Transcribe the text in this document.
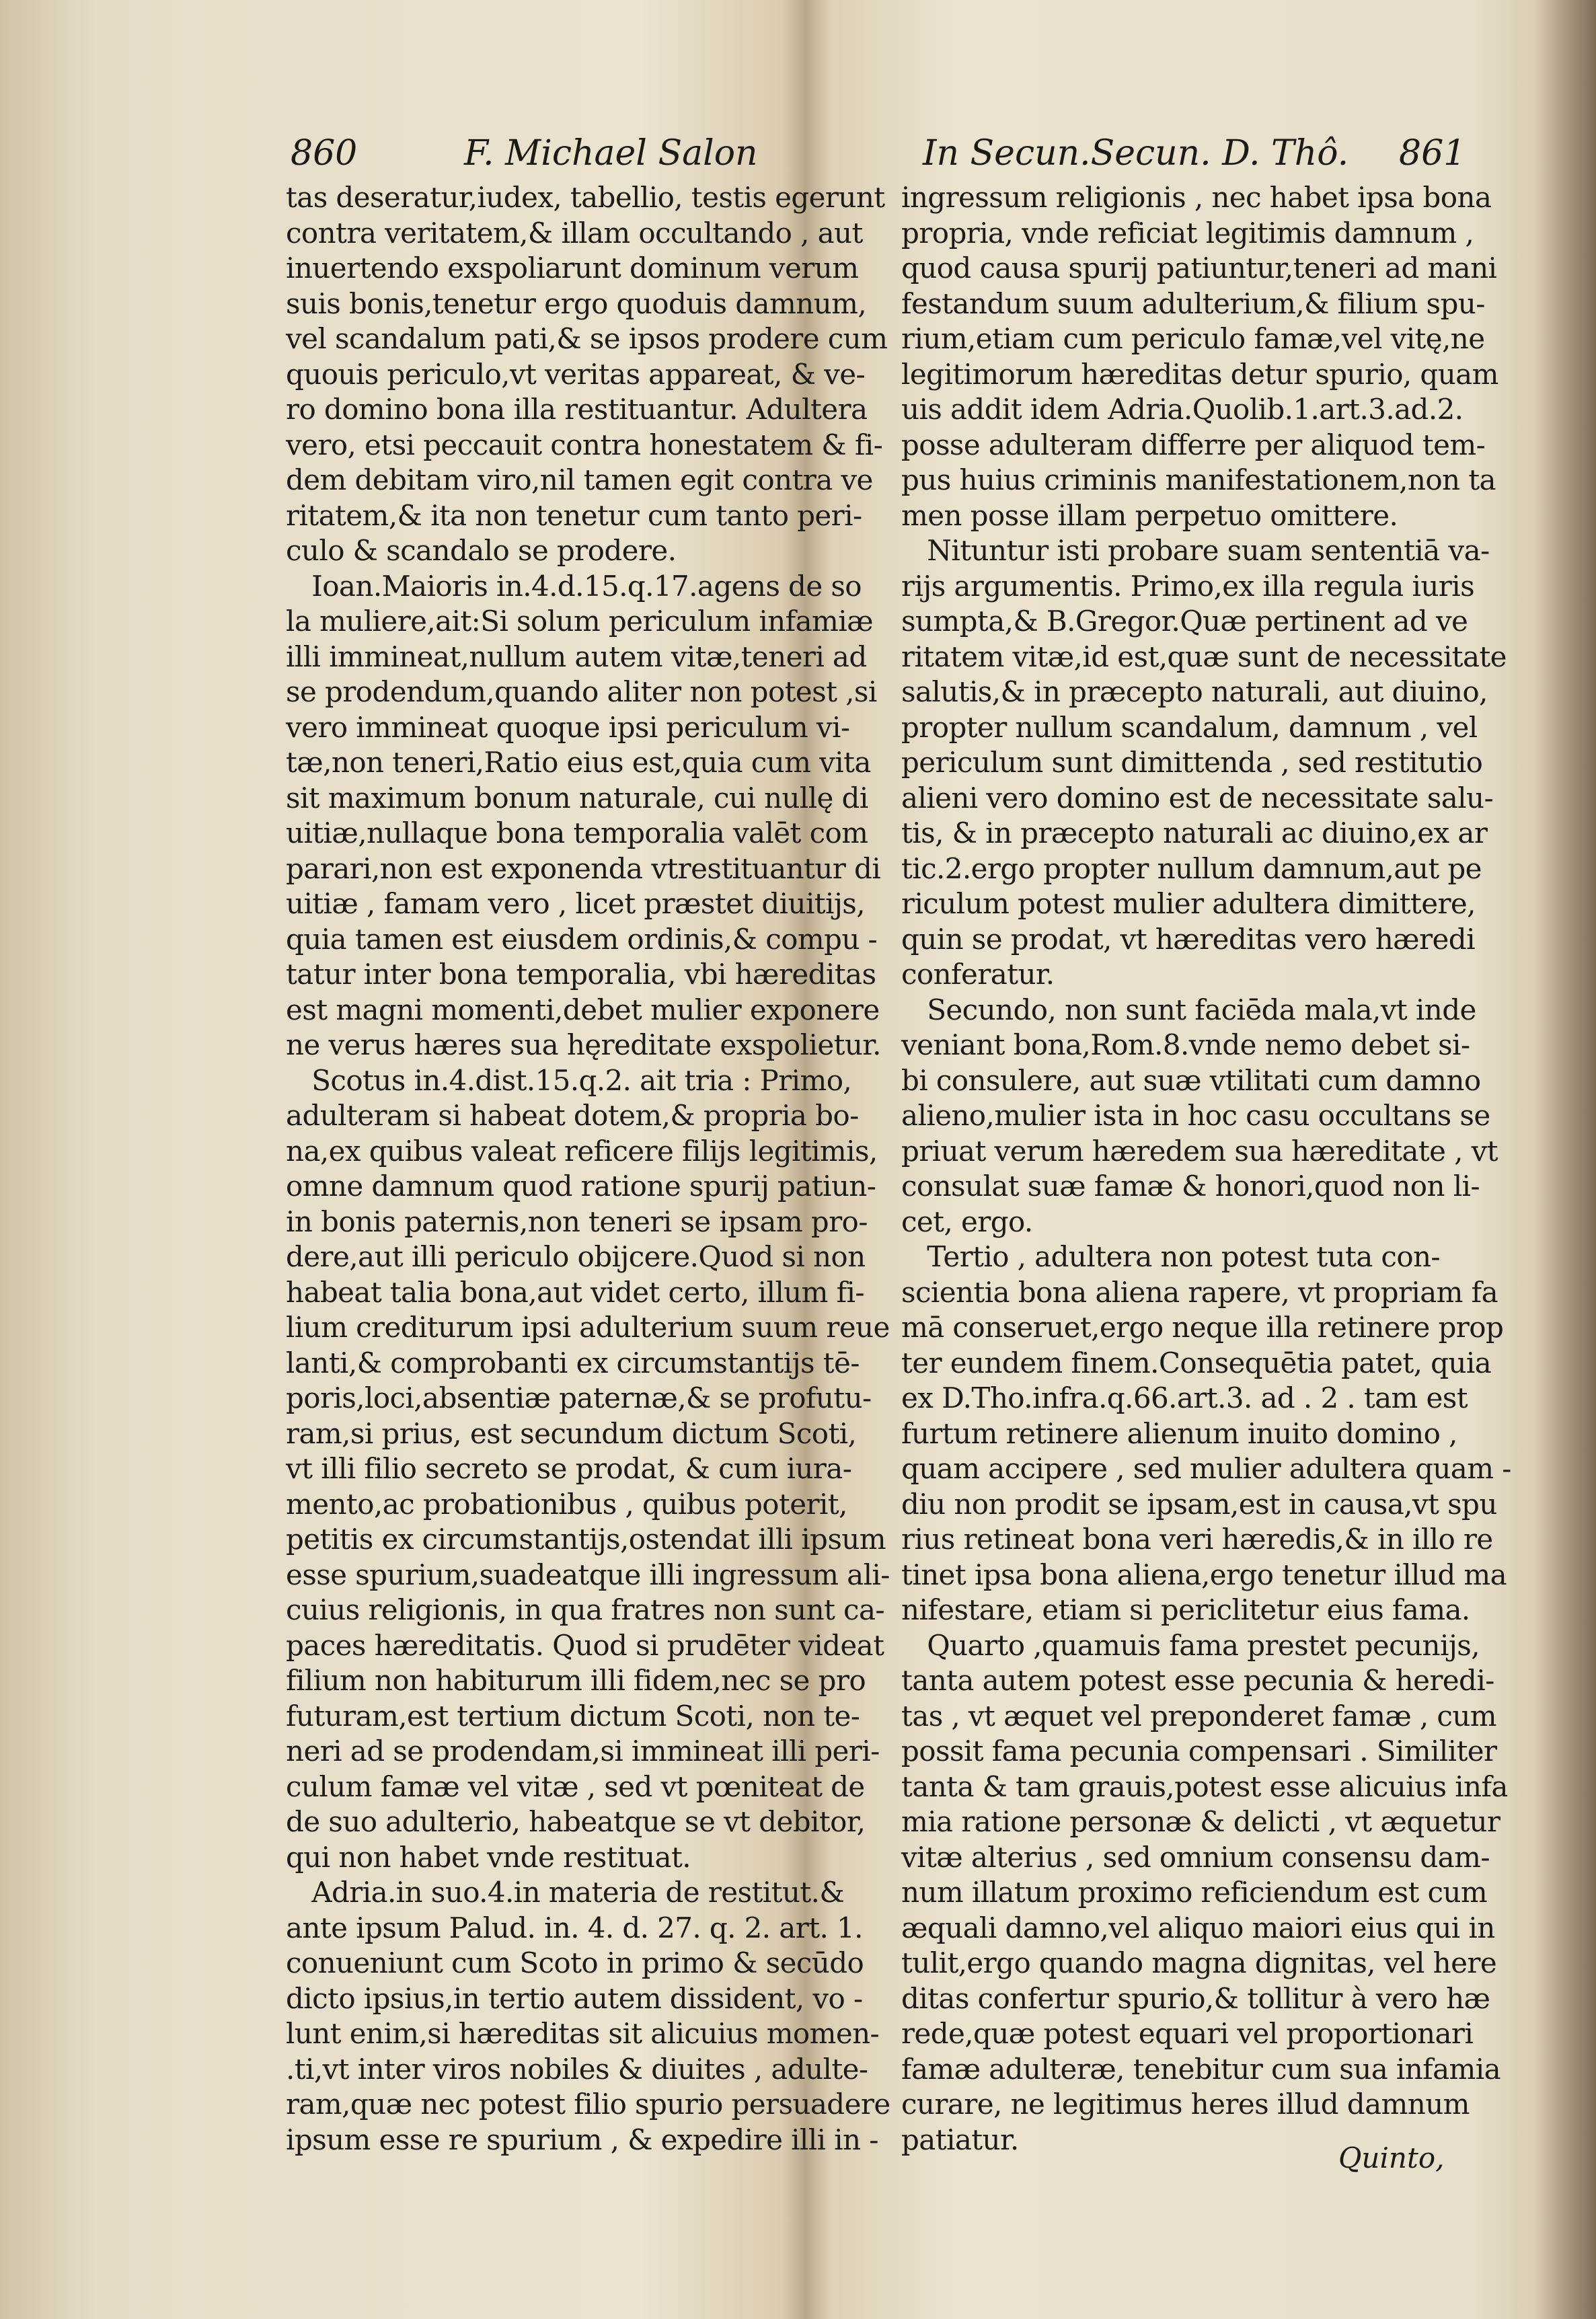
860	F. Michael Salon
tas deseratur,iudex, tabellio, testis egerunt
contra veritatem,& illam occultando , aut
inuertendo exspoliarunt dominum verum
suis bonis,tenetur ergo quoduis damnum,
vel scandalum pati,& se ipsos prodere cum
quouis periculo,vt veritas appareat, & ve-
ro domino bona illa restituantur. Adultera
vero, etsi peccauit contra honestatem & fi-
dem debitam viro,nil tamen egit contra ve
ritatem,& ita non tenetur cum tanto peri-
culo & scandalo se prodere.
Ioan.Maioris in.4.d.15.q.17.agens de so
la muliere,ait:Si solum periculum infamiæ
illi immineat,nullum autem vitæ,teneri ad
se prodendum,quando aliter non potest ,si
vero immineat quoque ipsi periculum vi-
tæ,non teneri,Ratio eius est,quia cum vita
sit maximum bonum naturale, cui nullę di
uitiæ,nullaque bona temporalia valēt com
parari,non est exponenda vtrestituantur di
uitiæ , famam vero , licet præstet diuitijs,
quia tamen est eiusdem ordinis,& compu -
tatur inter bona temporalia, vbi hæreditas
est magni momenti,debet mulier exponere
ne verus hæres sua hęreditate exspolietur.
Scotus in.4.dist.15.q.2. ait tria : Primo,
adulteram si habeat dotem,& propria bo-
na,ex quibus valeat reficere filijs legitimis,
omne damnum quod ratione spurij patiun-
in bonis paternis,non teneri se ipsam pro-
dere,aut illi periculo obijcere.Quod si non
habeat talia bona,aut videt certo, illum fi-
lium crediturum ipsi adulterium suum reue
lanti,& comprobanti ex circumstantijs tē-
poris,loci,absentiæ paternæ,& se profutu-
ram,si prius, est secundum dictum Scoti,
vt illi filio secreto se prodat, & cum iura-
mento,ac probationibus , quibus poterit,
petitis ex circumstantijs,ostendat illi ipsum
esse spurium,suadeatque illi ingressum ali-
cuius religionis, in qua fratres non sunt ca-
paces hæreditatis. Quod si prudēter videat
filium non habiturum illi fidem,nec se pro
futuram,est tertium dictum Scoti, non te-
neri ad se prodendam,si immineat illi peri-
culum famæ vel vitæ , sed vt pœniteat de
de suo adulterio, habeatque se vt debitor,
qui non habet vnde restituat.
Adria.in suo.4.in materia de restitut.&
ante ipsum Palud. in. 4. d. 27. q. 2. art. 1.
conueniunt cum Scoto in primo & secūdo
dicto ipsius,in tertio autem dissident, vo -
lunt enim,si hæreditas sit alicuius momen-
.ti,vt inter viros nobiles & diuites , adulte-
ram,quæ nec potest filio spurio persuadere
ipsum esse re spurium , & expedire illi in -
In Secun.Secun. D. Thô. 861
ingressum religionis , nec habet ipsa bona
propria, vnde reficiat legitimis damnum ,
quod causa spurij patiuntur,teneri ad mani
festandum suum adulterium,& filium spu-
rium,etiam cum periculo famæ,vel vitę,ne
legitimorum hæreditas detur spurio, quam
uis addit idem Adria.Quolib.1.art.3.ad.2.
posse adulteram differre per aliquod tem-
pus huius criminis manifestationem,non ta
men posse illam perpetuo omittere.
Nituntur isti probare suam sententiā va-
rijs argumentis. Primo,ex illa regula iuris
sumpta,& B.Gregor.Quæ pertinent ad ve
ritatem vitæ,id est,quæ sunt de necessitate
salutis,& in præcepto naturali, aut diuino,
propter nullum scandalum, damnum , vel
periculum sunt dimittenda , sed restitutio
alieni vero domino est de necessitate salu-
tis, & in præcepto naturali ac diuino,ex ar
tic.2.ergo propter nullum damnum,aut pe
riculum potest mulier adultera dimittere,
quin se prodat, vt hæreditas vero hæredi
conferatur.
Secundo, non sunt faciēda mala,vt inde
veniant bona,Rom.8.vnde nemo debet si-
bi consulere, aut suæ vtilitati cum damno
alieno,mulier ista in hoc casu occultans se
priuat verum hæredem sua hæreditate , vt
consulat suæ famæ & honori,quod non li-
cet, ergo.
Tertio , adultera non potest tuta con-
scientia bona aliena rapere, vt propriam fa
mā conseruet,ergo neque illa retinere prop
ter eundem finem.Consequētia patet, quia
ex D.Tho.infra.q.66.art.3. ad . 2 . tam est
furtum retinere alienum inuito domino ,
quam accipere , sed mulier adultera quam -
diu non prodit se ipsam,est in causa,vt spu
rius retineat bona veri hæredis,& in illo re
tinet ipsa bona aliena,ergo tenetur illud ma
nifestare, etiam si periclitetur eius fama.
Quarto ,quamuis fama prestet pecunijs,
tanta autem potest esse pecunia & heredi-
tas , vt æquet vel preponderet famæ , cum
possit fama pecunia compensari . Similiter
tanta & tam grauis,potest esse alicuius infa
mia ratione personæ & delicti , vt æquetur
vitæ alterius , sed omnium consensu dam-
num illatum proximo reficiendum est cum
æquali damno,vel aliquo maiori eius qui in
tulit,ergo quando magna dignitas, vel here
ditas confertur spurio,& tollitur à vero hæ
rede,quæ potest equari vel proportionari
famæ adulteræ, tenebitur cum sua infamia
curare, ne legitimus heres illud damnum
patiatur.
Quinto,
